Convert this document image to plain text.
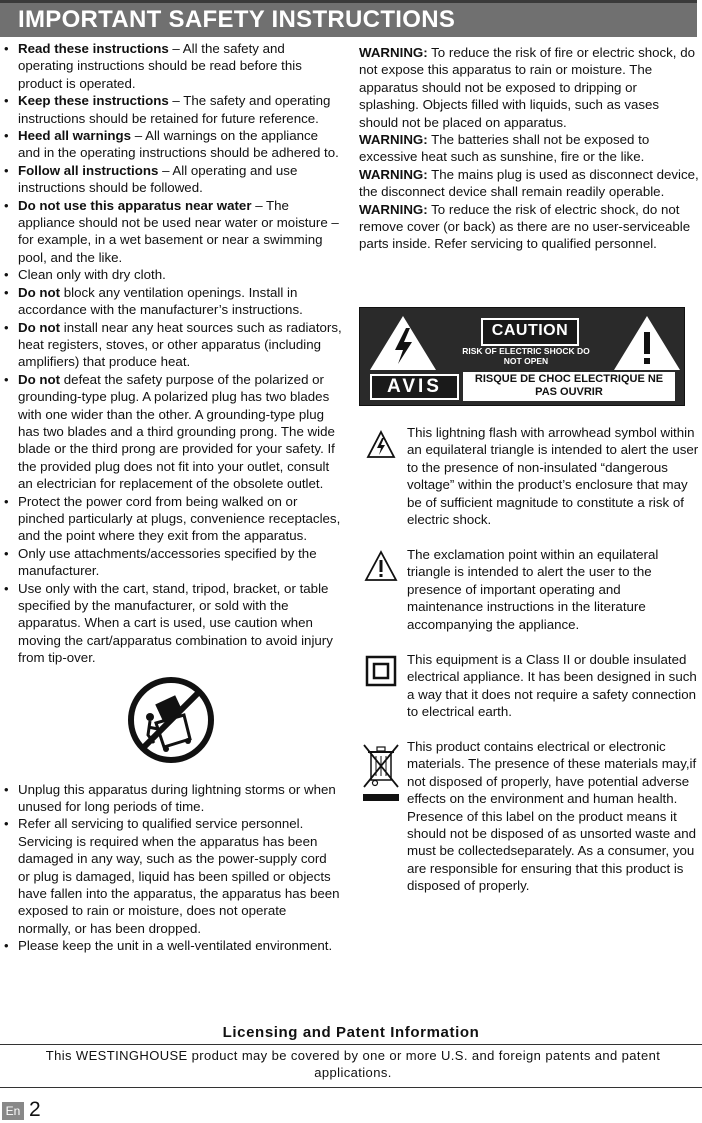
IMPORTANT SAFETY INSTRUCTIONS
• Read these instructions – All the safety and operating instructions should be read before this product is operated.
• Keep these instructions – The safety and operating instructions should be retained for future reference.
• Heed all warnings – All warnings on the appliance and in the operating instructions should be adhered to.
• Follow all instructions – All operating and use instructions should be followed.
• Do not use this apparatus near water – The appliance should not be used near water or moisture – for example, in a wet basement or near a swimming pool, and the like.
• Clean only with dry cloth.
• Do not block any ventilation openings. Install in accordance with the manufacturer’s instructions.
• Do not install near any heat sources such as radiators, heat registers, stoves, or other apparatus (including amplifiers) that produce heat.
• Do not defeat the safety purpose of the polarized or grounding-type plug. A polarized plug has two blades with one wider than the other. A grounding-type plug has two blades and a third grounding prong. The wide blade or the third prong are provided for your safety. If the provided plug does not fit into your outlet, consult an electrician for replacement of the obsolete outlet.
• Protect the power cord from being walked on or pinched particularly at plugs, convenience receptacles, and the point where they exit from the apparatus.
• Only use attachments/accessories specified by the manufacturer.
• Use only with the cart, stand, tripod, bracket, or table specified by the manufacturer, or sold with the apparatus. When a cart is used, use caution when moving the cart/apparatus combination to avoid injury from tip-over.
• Unplug this apparatus during lightning storms or when unused for long periods of time.
• Refer all servicing to qualified service personnel. Servicing is required when the apparatus has been damaged in any way, such as the power-supply cord or plug is damaged, liquid has been spilled or objects have fallen into the apparatus, the apparatus has been exposed to rain or moisture, does not operate normally, or has been dropped.
• Please keep the unit in a well-ventilated environment.

WARNING: To reduce the risk of fire or electric shock, do not expose this apparatus to rain or moisture. The apparatus should not be exposed to dripping or splashing. Objects filled with liquids, such as vases should not be placed on apparatus.

WARNING: The batteries shall not be exposed to excessive heat such as sunshine, fire or the like.

WARNING: The mains plug is used as disconnect device, the disconnect device shall remain readily operable.

WARNING: To reduce the risk of electric shock, do not remove cover (or back) as there are no user-serviceable parts inside. Refer servicing to qualified personnel.

CAUTION
RISK OF ELECTRIC SHOCK DO NOT OPEN
AVIS	RISQUE DE CHOC ELECTRIQUE NE PAS OUVRIR
This lightning flash with arrowhead symbol within an equilateral triangle is intended to alert the user to the presence of non-insulated “dangerous voltage” within the product’s enclosure that may be of sufficient magnitude to constitute a risk of electric shock.
The exclamation point within an equilateral triangle is intended to alert the user to the presence of important operating and maintenance instructions in the literature accompanying the appliance.
This equipment is a Class II or double insulated electrical appliance. It has been designed in such a way that it does not require a safety connection to electrical earth.
This product contains electrical or electronic materials. The presence of these materials may,if not disposed of properly, have potential adverse effects on the environment and human health.
Presence of this label on the product means it should not be disposed of as unsorted waste and must be collectedseparately. As a consumer, you are responsible for ensuring that this product is disposed of properly.
Licensing and Patent Information
This WESTINGHOUSE product may be covered by one or more U.S. and foreign patents and patent applications.
En 2
